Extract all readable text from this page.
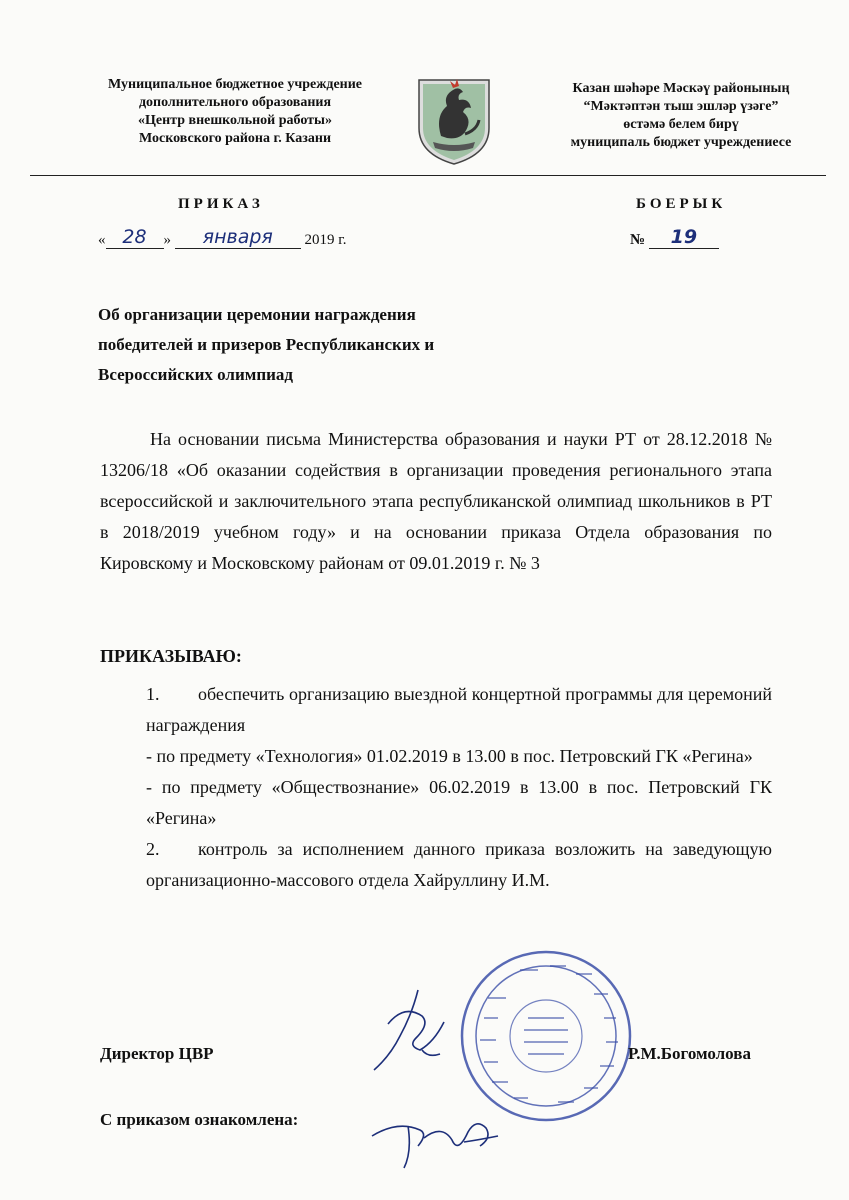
Муниципальное бюджетное учреждение
дополнительного образования
«Центр внешкольной работы»
Московского района г. Казани
Казан шәһәре Мәскәү районының
“Мәктәптән тыш эшләр үзәге”
өстәмә белем бирү
муниципаль бюджет учреждениесе
ПРИКАЗ	БОЕРЫК
« 28	»	января	2019 г.	№	19
Об организации церемонии награждения
победителей и призеров Республиканских и
Всероссийских олимпиад
На основании письма Министерства образования и науки РТ от 28.12.2018 № 13206/18 «Об оказании содействия в организации проведения регионального этапа всероссийской и заключительного этапа республиканской олимпиад школьников в РТ в 2018/2019 учебном году» и на основании приказа Отдела образования по Кировскому и Московскому районам от 09.01.2019 г. № 3
ПРИКАЗЫВАЮ:

1. обеспечить организацию выездной концертной программы для церемоний награждения

- по предмету «Технология» 01.02.2019 в 13.00 в пос. Петровский ГК «Регина»

- по предмету «Обществознание» 06.02.2019 в 13.00 в пос. Петровский ГК «Регина»

2. контроль за исполнением данного приказа возложить на заведующую организационно-массового отдела Хайруллину И.М.

Директор ЦВР	Р.М.Богомолова
С приказом ознакомлена:
